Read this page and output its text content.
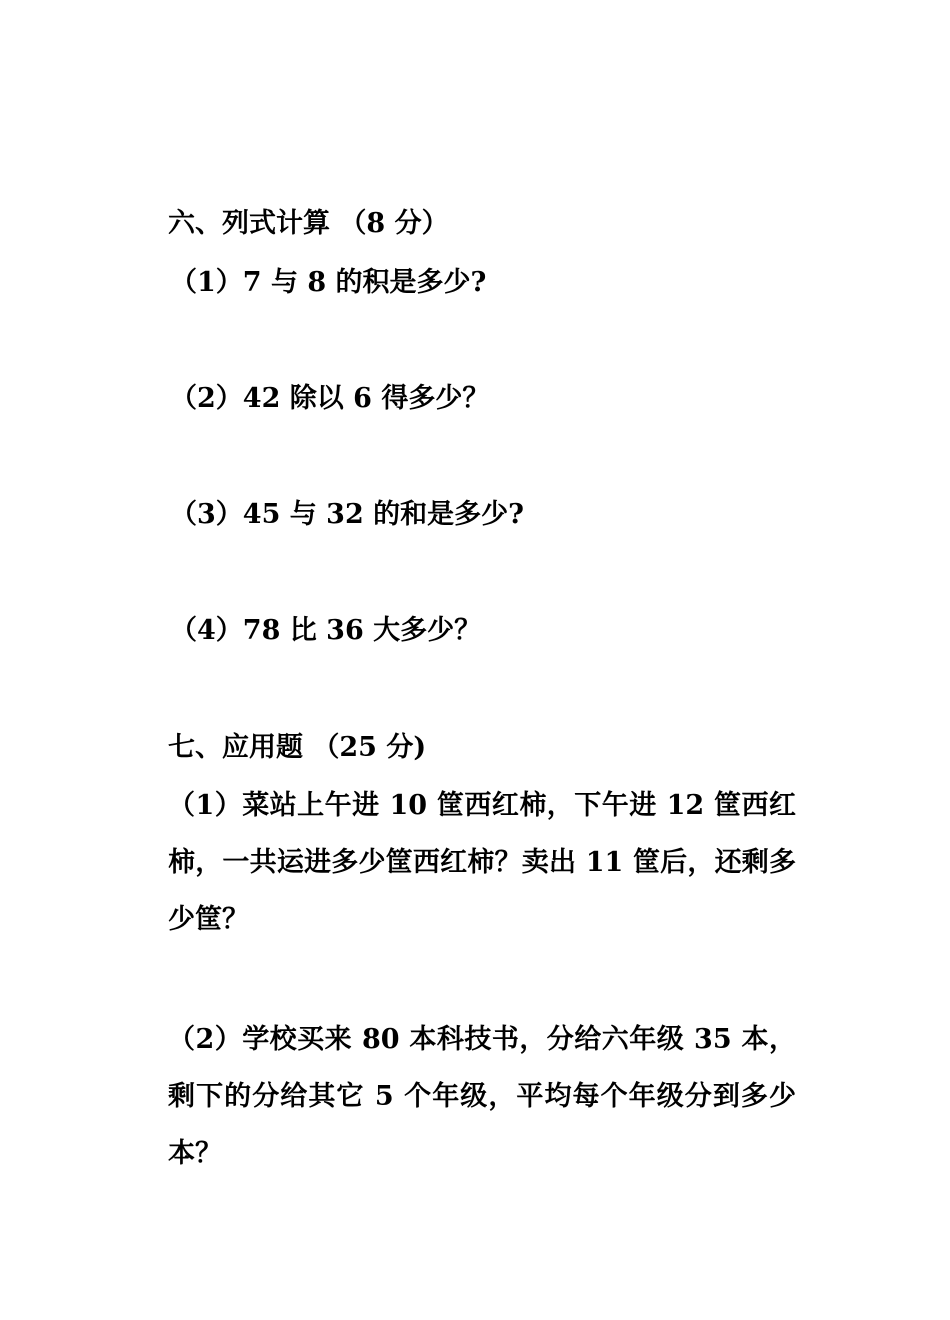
六、列式计算 （8 分）
（1）7 与 8 的积是多少?
（2）42 除以 6 得多少？
（3）45 与 32 的和是多少?
（4）78 比 36 大多少？
七、应用题 （25 分)
（1）菜站上午进 10 筐西红柿，下午进 12 筐西红柿，一共运进多少筐西红柿？卖出 11 筐后，还剩多少筐？
（2）学校买来 80 本科技书，分给六年级 35 本，剩下的分给其它 5 个年级，平均每个年级分到多少本？
